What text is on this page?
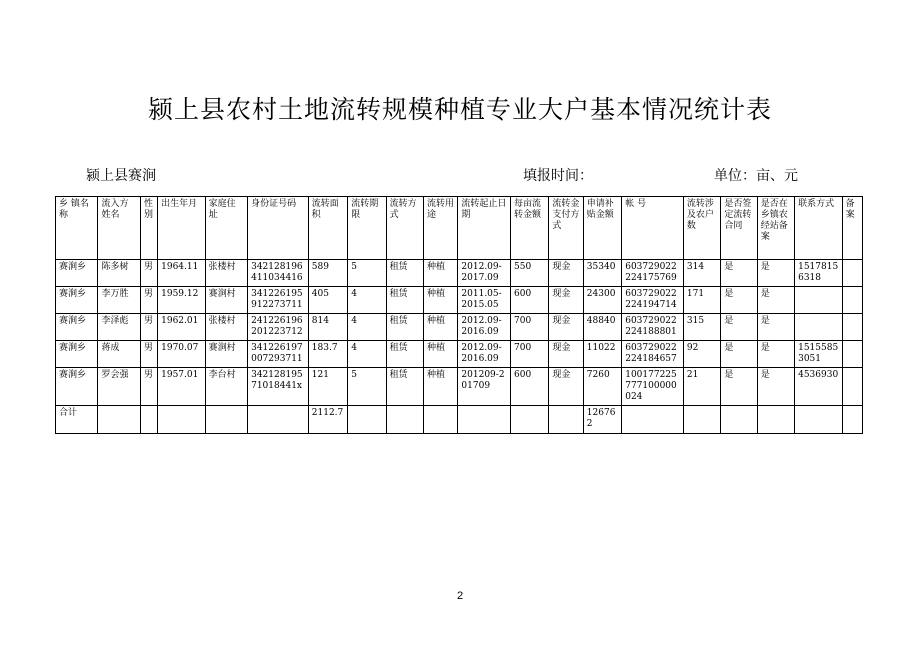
颍上县农村土地流转规模种植专业大户基本情况统计表
颍上县赛涧	填报时间：	单位：亩、元
乡 镇名 称	流入方姓名	性别	出生年月	家庭住址	身份证号码	流转面积	流转期限	流转方式	流转用途	流转起止日期	每亩流转金额	流转金支付方式	申请补贴金额	帐 号	流转涉及农户数	是否签定流转合同	是否在乡镇农经站备案	联系方式	备案
赛涧乡	陈多树	男	1964.11	张楼村	342128196411034416	589	5	租赁	种植	2012.09-2017.09	550	现金	35340	603729022224175769	314	是	是	15178156318	
赛涧乡	李万胜	男	1959.12	赛涧村	341226195912273711	405	4	租赁	种植	2011.05-2015.05	600	现金	24300	603729022224194714	171	是	是		
赛涧乡	李泽彪	男	1962.01	张楼村	241226196201223712	814	4	租赁	种植	2012.09-2016.09	700	现金	48840	603729022224188801	315	是	是		
赛涧乡	蒋成	男	1970.07	赛涧村	341226197007293711	183.7	4	租赁	种植	2012.09-2016.09	700	现金	11022	603729022224184657	92	是	是	15155853051	
赛涧乡	罗会强	男	1957.01	李台村	34212819571018441x	121	5	租赁	种植	201209-201709	600	现金	7260	100177225777100000024	21	是	是	4536930	
合计						2112.7							126762						
2
